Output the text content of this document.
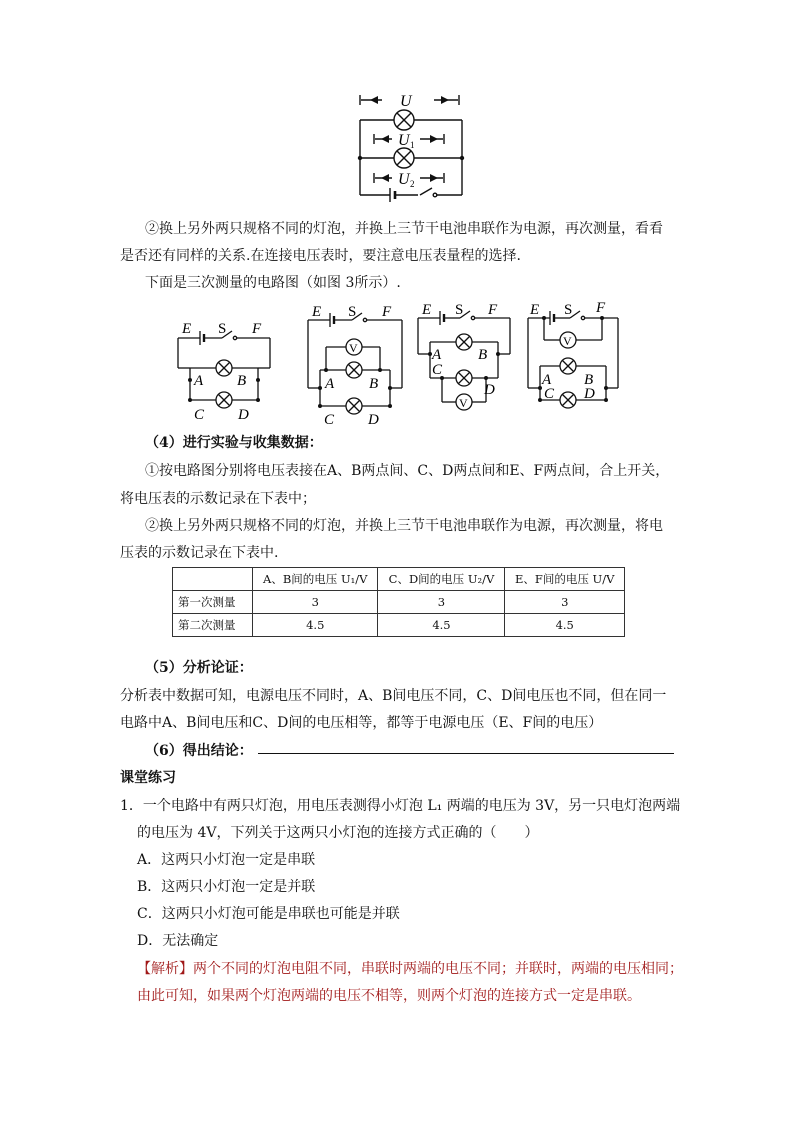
U
U 1
U 2
②换上另外两只规格不同的灯泡，并换上三节干电池串联作为电源，再次测量，看看
是否还有同样的关系.在连接电压表时，要注意电压表量程的选择.
下面是三次测量的电路图（如图 3所示）.
E S F
A B
C D
V
E S F
A B
C D
V
E S F
A B
C
D
V
E S F
A B
C D
（4）进行实验与收集数据：
①按电路图分别将电压表接在A、B两点间、C、D两点间和E、F两点间，合上开关，
将电压表的示数记录在下表中；
②换上另外两只规格不同的灯泡，并换上三节干电池串联作为电源，再次测量，将电
压表的示数记录在下表中.
	A、B间的电压 U₁/V	C、D间的电压 U₂/V	E、F间的电压 U/V
第一次测量	3	3	3
第二次测量	4.5	4.5	4.5
（5）分析论证：
分析表中数据可知，电源电压不同时，A、B间电压不同，C、D间电压也不同，但在同一
电路中A、B间电压和C、D间的电压相等，都等于电源电压（E、F间的电压）
（6）得出结论：
课堂练习
1．一个电路中有两只灯泡，用电压表测得小灯泡 L₁ 两端的电压为 3V，另一只电灯泡两端
的电压为 4V，下列关于这两只小灯泡的连接方式正确的（　　）
A．这两只小灯泡一定是串联
B．这两只小灯泡一定是并联
C．这两只小灯泡可能是串联也可能是并联
D．无法确定
【解析】两个不同的灯泡电阻不同，串联时两端的电压不同；并联时，两端的电压相同；
由此可知，如果两个灯泡两端的电压不相等，则两个灯泡的连接方式一定是串联。
